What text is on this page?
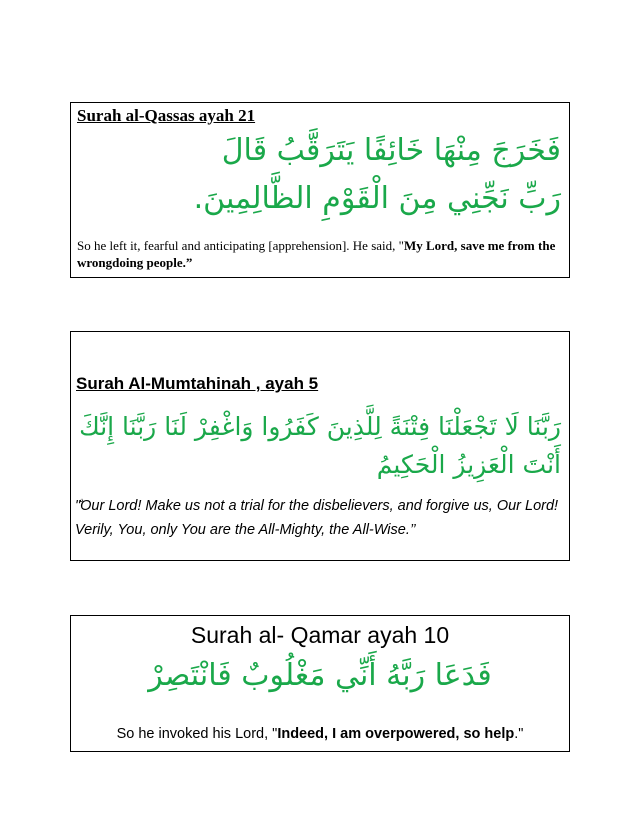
Surah al-Qassas ayah 21
فَخَرَجَ مِنْهَا خَائِفًا يَتَرَقَّبُ قَالَ
رَبِّ نَجِّنِي مِنَ الْقَوْمِ الظَّالِمِينَ.
So he left it, fearful and anticipating [apprehension]. He said, "My Lord, save me from the wrongdoing people.”
Surah Al-Mumtahinah , ayah 5
رَبَّنَا لَا تَجْعَلْنَا فِتْنَةً لِلَّذِينَ كَفَرُوا وَاغْفِرْ لَنَا رَبَّنَا إِنَّكَ
أَنْتَ الْعَزِيزُ الْحَكِيمُ
ۨ"Our Lord! Make us not a trial for the disbelievers, and forgive us, Our Lord! Verily, You, only You are the All-Mighty, the All-Wise.’’
Surah al- Qamar ayah 10
فَدَعَا رَبَّهُ أَنِّي مَغْلُوبٌ فَانْتَصِرْ
So he invoked his Lord, "Indeed, I am overpowered, so help."
